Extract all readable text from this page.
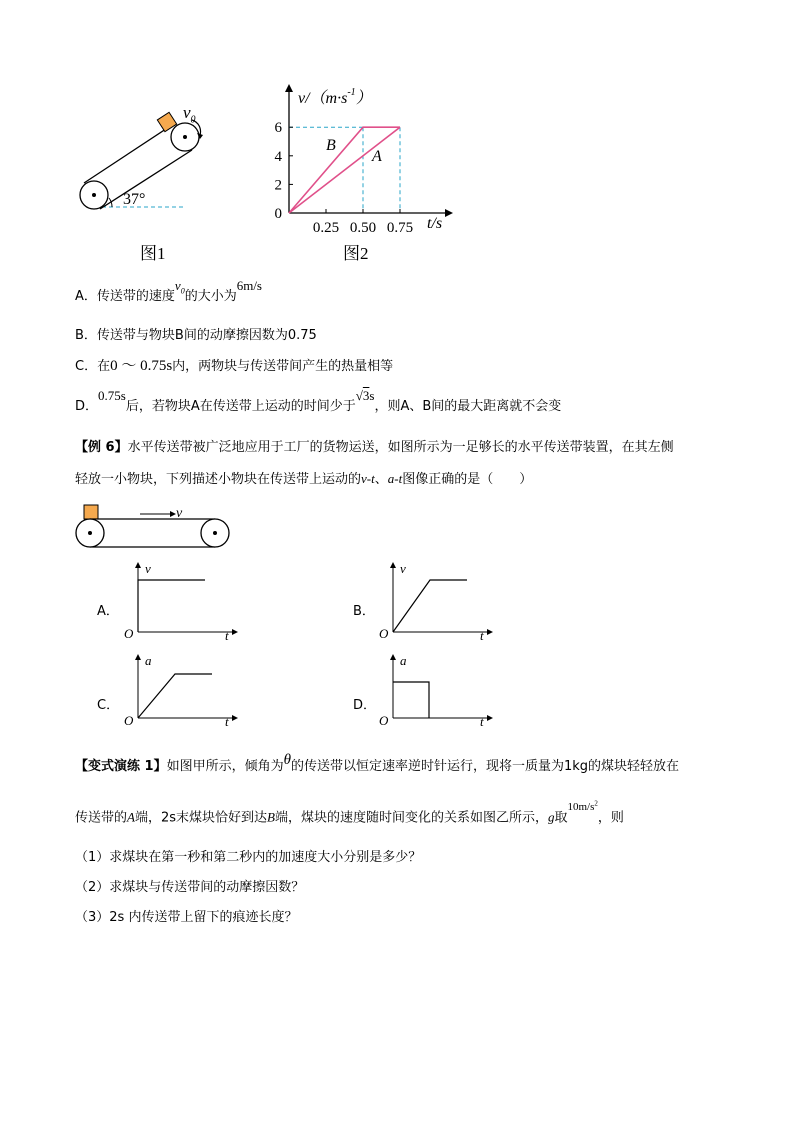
$v_0$
37°
图1
0.25 0.50 0.75
0
2
4
6
$v/(m\cdot s^{-1})$
t/s
B
A
图2
A．传送带的速度$v_0$的大小为6m/s
B．传送带与物块B间的动摩擦因数为0.75
C．在0 ～ 0.75s内，两物块与传送带间产生的热量相等
D．0.75s后，若物块A在传送带上运动的时间少于√3s，则A、B间的最大距离就不会变
【例 6】水平传送带被广泛地应用于工厂的货物运送，如图所示为一足够长的水平传送带装置，在其左侧
轻放一小物块，下列描述小物块在传送带上运动的v-t、a-t图像正确的是（　　）
v
A．
v
t
O
B．
v
t
O
C．
a
t
O
D．
a
t
O
【变式演练 1】如图甲所示，倾角为θ的传送带以恒定速率逆时针运行，现将一质量为1kg的煤块轻轻放在
传送带的A端，2s末煤块恰好到达B端，煤块的速度随时间变化的关系如图乙所示，g取$^{10m/s^2}$，则
（1）求煤块在第一秒和第二秒内的加速度大小分别是多少？
（2）求煤块与传送带间的动摩擦因数？
（3）2s 内传送带上留下的痕迹长度？
